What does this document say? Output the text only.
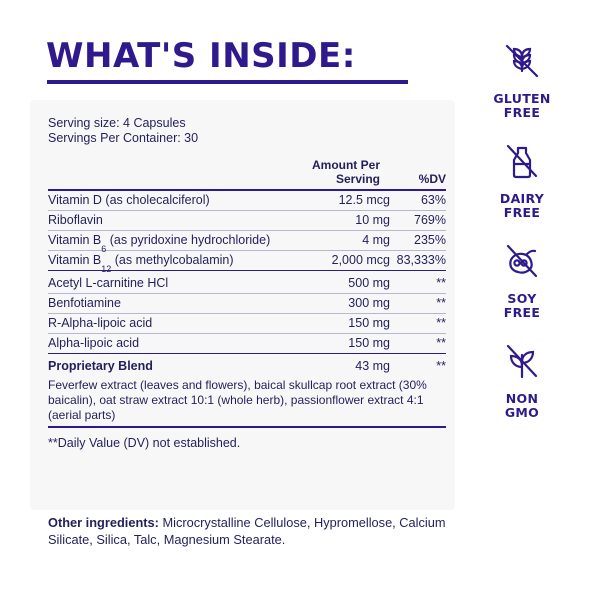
WHAT'S INSIDE:
Serving size: 4 Capsules
Servings Per Container: 30
	Amount Per Serving	%DV
Vitamin D (as cholecalciferol)	12.5 mcg	63%
Riboflavin	10 mg	769%
Vitamin B6 (as pyridoxine hydrochloride)	4 mg	235%
Vitamin B12 (as methylcobalamin)	2,000 mcg	83,333%
Acetyl L-carnitine HCl	500 mg	**
Benfotiamine	300 mg	**
R-Alpha-lipoic acid	150 mg	**
Alpha-lipoic acid	150 mg	**
Proprietary Blend	43 mg	**
Feverfew extract (leaves and flowers), baical skullcap root extract (30% baicalin), oat straw extract 10:1 (whole herb), passionflower extract 4:1 (aerial parts)		
**Daily Value (DV) not established.
Other ingredients: Microcrystalline Cellulose, Hypromellose, Calcium Silicate, Silica, Talc, Magnesium Stearate.
GLUTEN
FREE
DAIRY
FREE
SOY
FREE
NON
GMO
